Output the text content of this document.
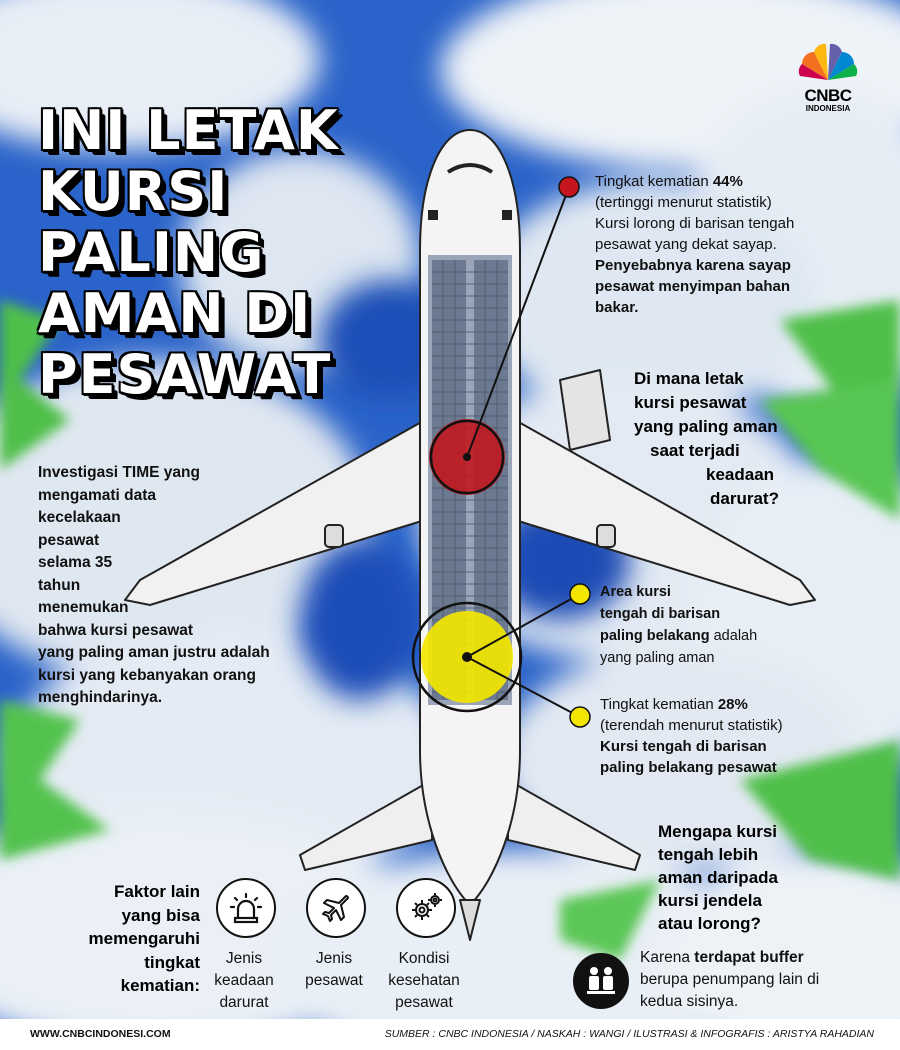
CNBC
INDONESIA
INI LETAK
KURSI
PALING
AMAN DI
PESAWAT
Investigasi TIME yang
mengamati data
kecelakaan
pesawat
selama 35
tahun
menemukan
bahwa kursi pesawat
yang paling aman justru adalah
kursi yang kebanyakan orang
menghindarinya.
Tingkat kematian 44%
(tertinggi menurut statistik)
Kursi lorong di barisan tengah
pesawat yang dekat sayap.
Penyebabnya karena sayap
pesawat menyimpan bahan
bakar.
Di mana letak
kursi pesawat
yang paling aman
saat terjadi
keadaan
darurat?
Area kursi
tengah di barisan
paling belakang adalah
yang paling aman
Tingkat kematian 28%
(terendah menurut statistik)
Kursi tengah di barisan
paling belakang pesawat
Mengapa kursi
tengah lebih
aman daripada
kursi jendela
atau lorong?
Karena terdapat buffer
berupa penumpang lain di
kedua sisinya.
Faktor lain
yang bisa
memengaruhi
tingkat
kematian:
Jenis
keadaan
darurat
Jenis
pesawat
Kondisi
kesehatan
pesawat
WWW.CNBCINDONESI.COM	SUMBER : CNBC INDONESIA / NASKAH : WANGI / ILUSTRASI & INFOGRAFIS : ARISTYA RAHADIAN
